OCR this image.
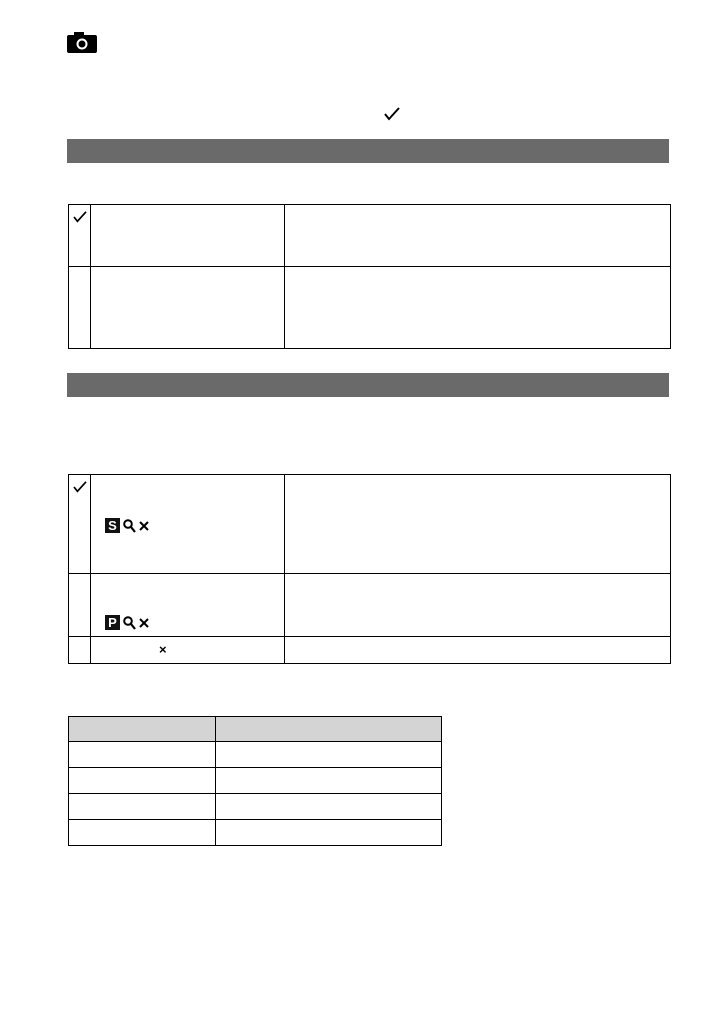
S	

P	

	×	
